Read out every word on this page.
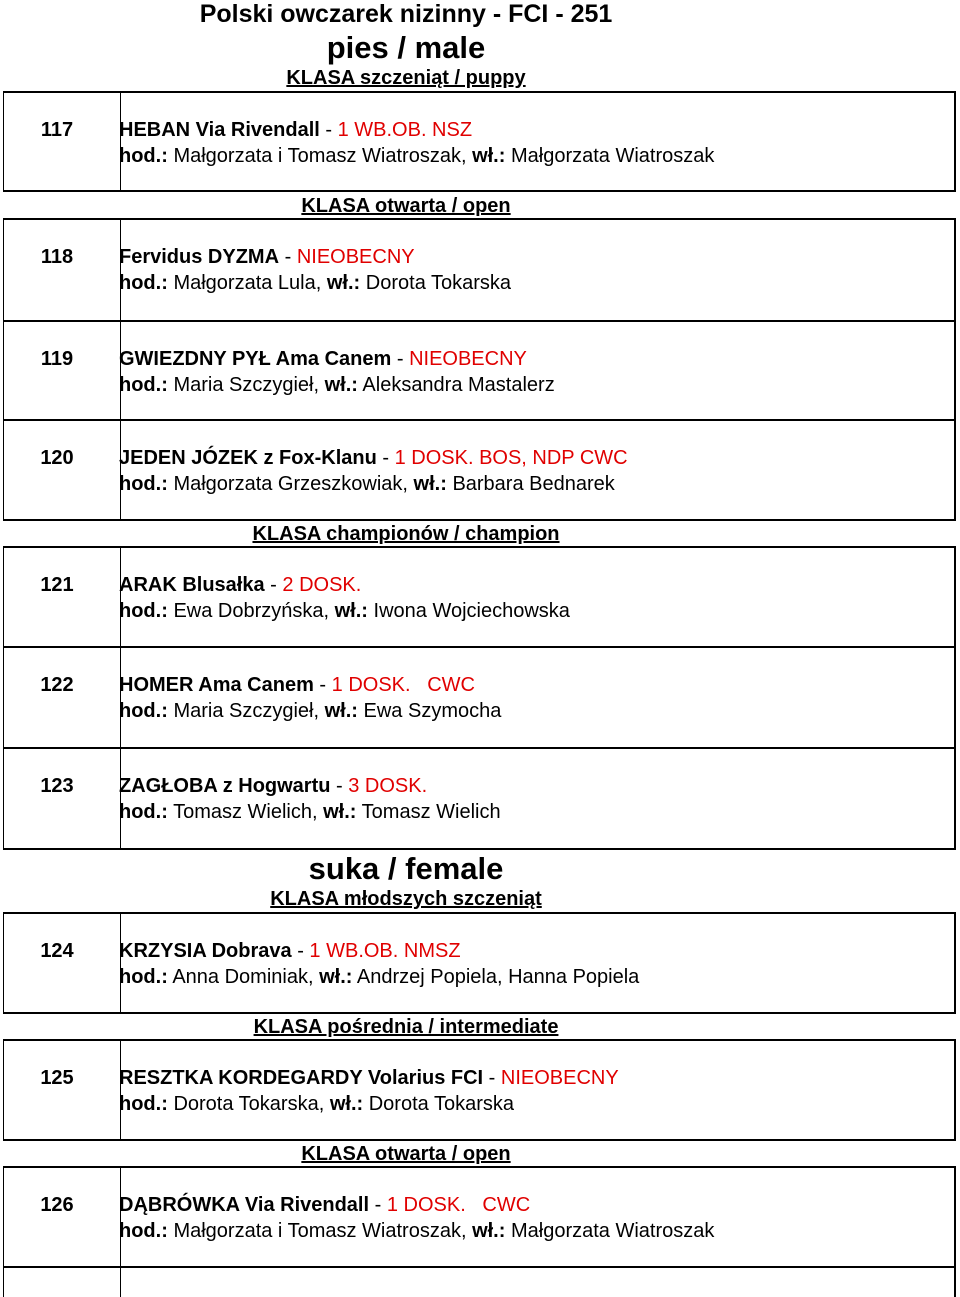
Polski owczarek nizinny - FCI - 251
pies / male
KLASA szczeniąt / puppy
117	HEBAN Via Rivendall - 1 WB.OB. NSZ
hod.: Małgorzata i Tomasz Wiatroszak, wł.: Małgorzata Wiatroszak
KLASA otwarta / open
118	Fervidus DYZMA - NIEOBECNY
hod.: Małgorzata Lula, wł.: Dorota Tokarska
119	GWIEZDNY PYŁ Ama Canem - NIEOBECNY
hod.: Maria Szczygieł, wł.: Aleksandra Mastalerz
120	JEDEN JÓZEK z Fox-Klanu - 1 DOSK. BOS, NDP CWC
hod.: Małgorzata Grzeszkowiak, wł.: Barbara Bednarek
KLASA championów / champion
121	ARAK Blusałka - 2 DOSK.
hod.: Ewa Dobrzyńska, wł.: Iwona Wojciechowska
122	HOMER Ama Canem - 1 DOSK.   CWC
hod.: Maria Szczygieł, wł.: Ewa Szymocha
123	ZAGŁOBA z Hogwartu - 3 DOSK.
hod.: Tomasz Wielich, wł.: Tomasz Wielich
suka / female
KLASA młodszych szczeniąt
124	KRZYSIA Dobrava - 1 WB.OB. NMSZ
hod.: Anna Dominiak, wł.: Andrzej Popiela, Hanna Popiela
KLASA pośrednia / intermediate
125	RESZTKA KORDEGARDY Volarius FCI - NIEOBECNY
hod.: Dorota Tokarska, wł.: Dorota Tokarska
KLASA otwarta / open
126	DĄBRÓWKA Via Rivendall - 1 DOSK.   CWC
hod.: Małgorzata i Tomasz Wiatroszak, wł.: Małgorzata Wiatroszak
